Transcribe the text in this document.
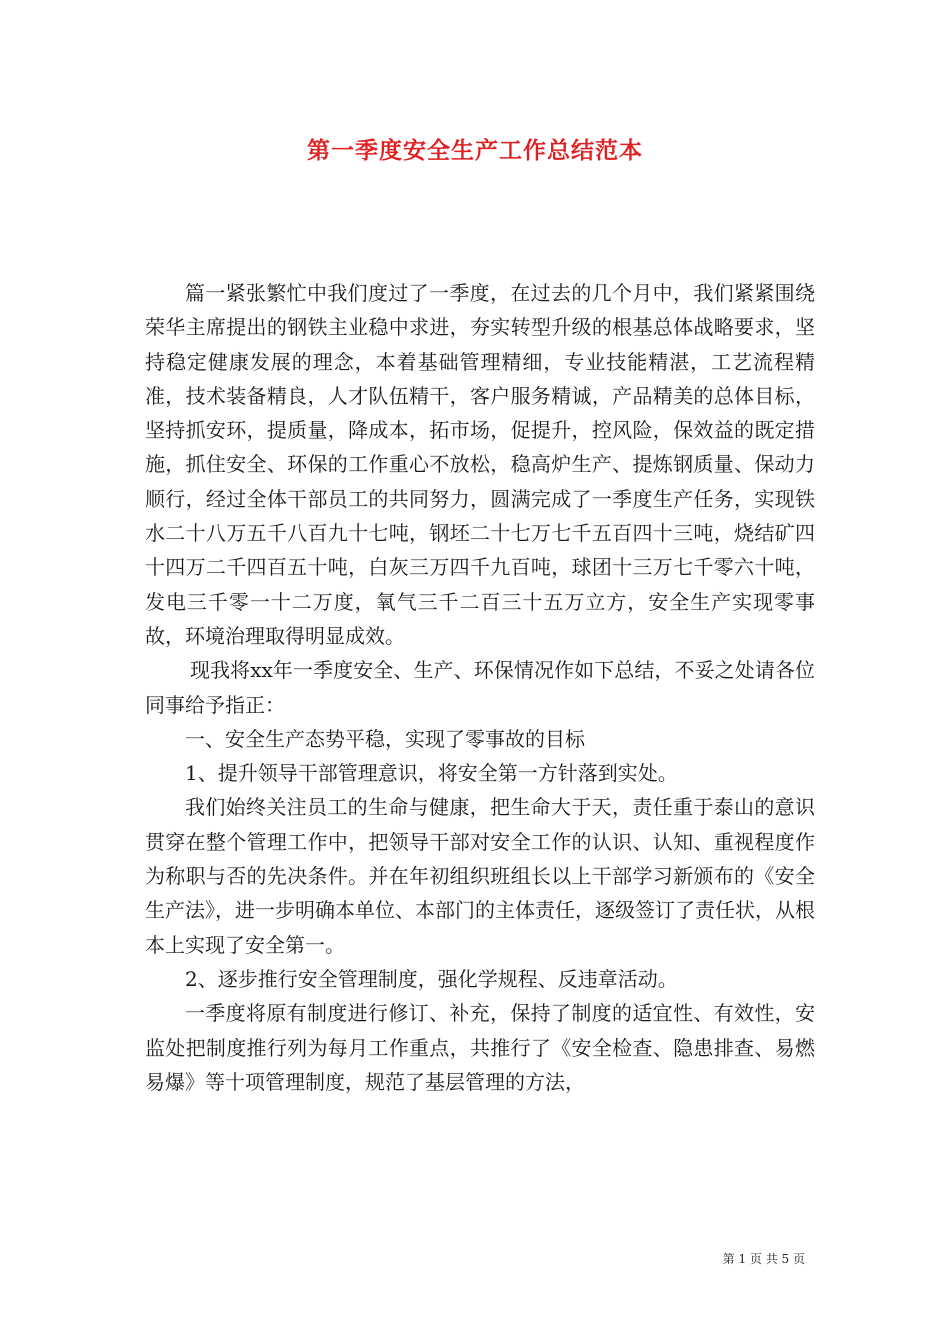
第一季度安全生产工作总结范本

篇一紧张繁忙中我们度过了一季度，在过去的几个月中，我们紧紧围绕荣华主席提出的钢铁主业稳中求进，夯实转型升级的根基总体战略要求，坚持稳定健康发展的理念，本着基础管理精细，专业技能精湛，工艺流程精准，技术装备精良，人才队伍精干，客户服务精诚，产品精美的总体目标，坚持抓安环，提质量，降成本，拓市场，促提升，控风险，保效益的既定措施，抓住安全、环保的工作重心不放松，稳高炉生产、提炼钢质量、保动力顺行，经过全体干部员工的共同努力，圆满完成了一季度生产任务，实现铁水二十八万五千八百九十七吨，钢坯二十七万七千五百四十三吨，烧结矿四十四万二千四百五十吨，白灰三万四千九百吨，球团十三万七千零六十吨，发电三千零一十二万度，氧气三千二百三十五万立方，安全生产实现零事故，环境治理取得明显成效。

现我将xx年一季度安全、生产、环保情况作如下总结，不妥之处请各位同事给予指正：

一、安全生产态势平稳，实现了零事故的目标

1、提升领导干部管理意识，将安全第一方针落到实处。

我们始终关注员工的生命与健康，把生命大于天，责任重于泰山的意识贯穿在整个管理工作中，把领导干部对安全工作的认识、认知、重视程度作为称职与否的先决条件。并在年初组织班组长以上干部学习新颁布的《安全生产法》，进一步明确本单位、本部门的主体责任，逐级签订了责任状，从根本上实现了安全第一。

2、逐步推行安全管理制度，强化学规程、反违章活动。

一季度将原有制度进行修订、补充，保持了制度的适宜性、有效性，安监处把制度推行列为每月工作重点，共推行了《安全检查、隐患排查、易燃易爆》等十项管理制度，规范了基层管理的方法，

第 1 页 共 5 页
